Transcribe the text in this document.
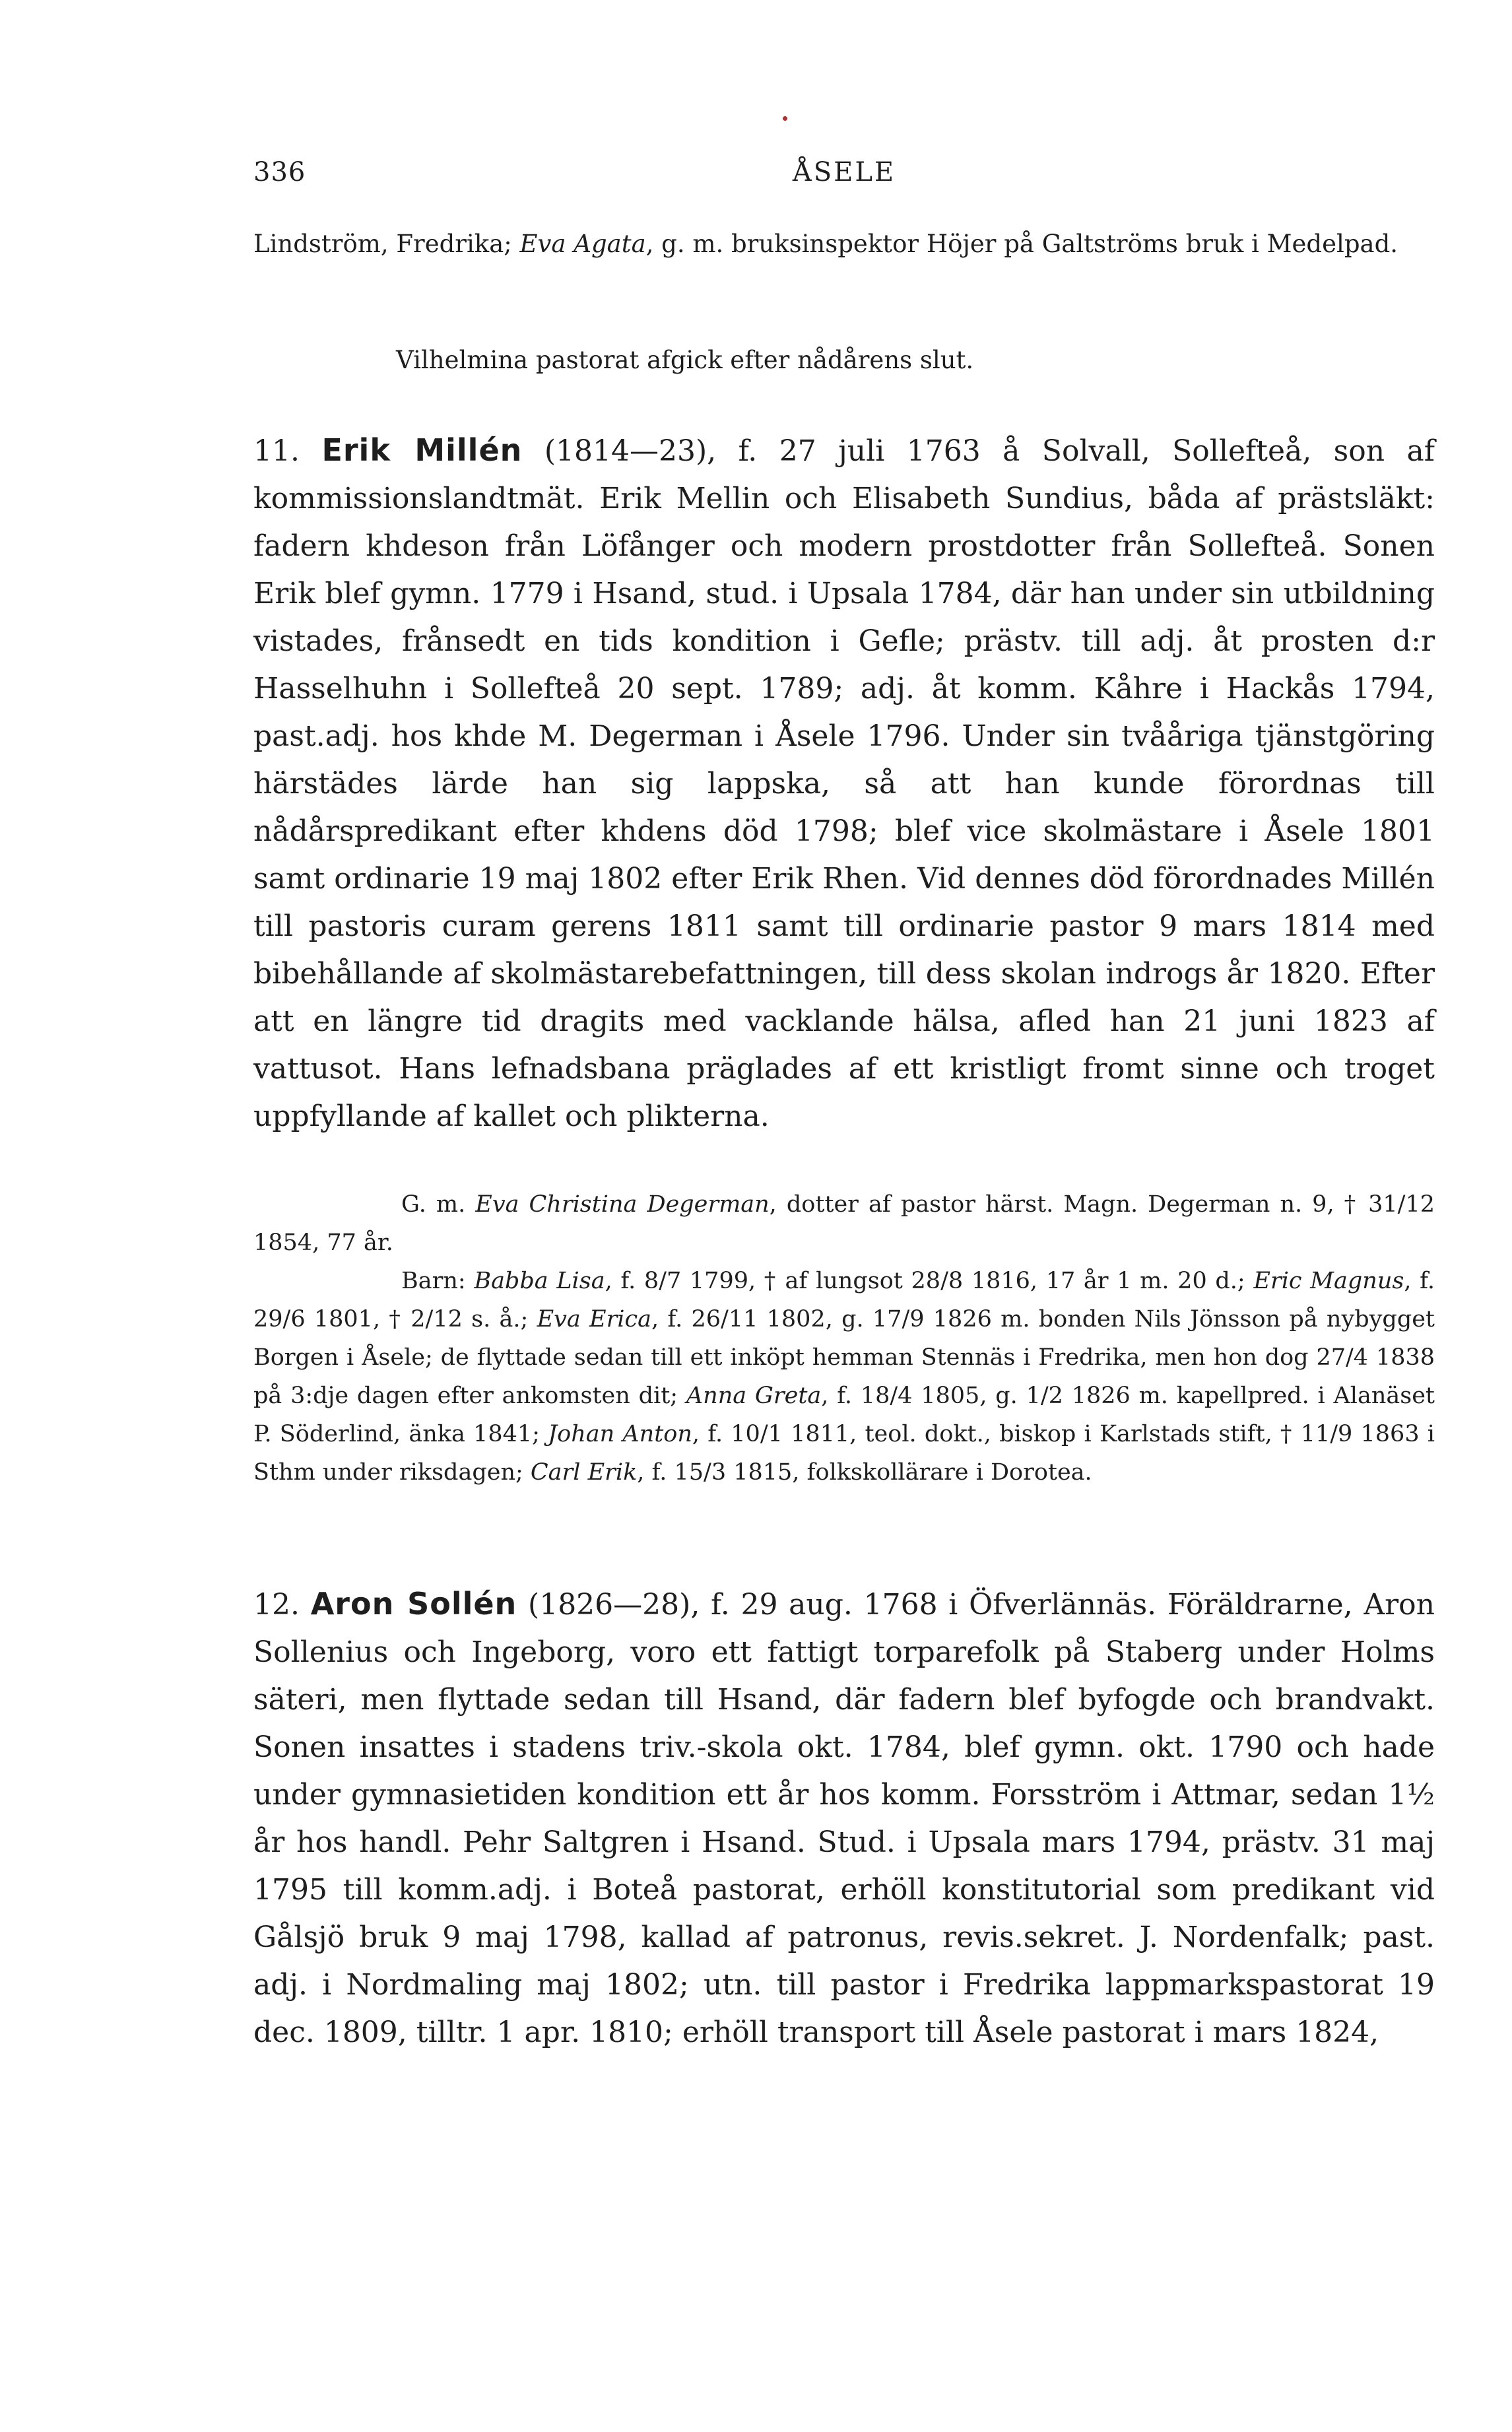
336	ÅSELE

Lindström, Fredrika; Eva Agata, g. m. bruksinspektor Höjer på Galtströms bruk i Medelpad.

Vilhelmina pastorat afgick efter nådårens slut.

11. Erik Millén (1814—23), f. 27 juli 1763 å Solvall, Sollefteå, son af kommissionslandtmät. Erik Mellin och Elisabeth Sundius, båda af prästsläkt: fadern khdeson från Löfånger och modern prostdotter från Sollefteå. Sonen Erik blef gymn. 1779 i Hsand, stud. i Upsala 1784, där han under sin utbildning vistades, frånsedt en tids kondition i Gefle; prästv. till adj. åt prosten d:r Hasselhuhn i Sollefteå 20 sept. 1789; adj. åt komm. Kåhre i Hackås 1794, past.adj. hos khde M. Degerman i Åsele 1796. Under sin tvååriga tjänstgöring härstädes lärde han sig lappska, så att han kunde förordnas till nådårspredikant efter khdens död 1798; blef vice skolmästare i Åsele 1801 samt ordinarie 19 maj 1802 efter Erik Rhen. Vid dennes död förordnades Millén till pastoris curam gerens 1811 samt till ordinarie pastor 9 mars 1814 med bibehållande af skolmästarebefattningen, till dess skolan indrogs år 1820. Efter att en längre tid dragits med vacklande hälsa, afled han 21 juni 1823 af vattusot. Hans lefnadsbana präglades af ett kristligt fromt sinne och troget uppfyllande af kallet och plikterna.

G. m. Eva Christina Degerman, dotter af pastor härst. Magn. Degerman n. 9, † 31/12 1854, 77 år.

Barn: Babba Lisa, f. 8/7 1799, † af lungsot 28/8 1816, 17 år 1 m. 20 d.; Eric Magnus, f. 29/6 1801, † 2/12 s. å.; Eva Erica, f. 26/11 1802, g. 17/9 1826 m. bonden Nils Jönsson på nybygget Borgen i Åsele; de flyttade sedan till ett inköpt hemman Stennäs i Fredrika, men hon dog 27/4 1838 på 3:dje dagen efter ankomsten dit; Anna Greta, f. 18/4 1805, g. 1/2 1826 m. kapellpred. i Alanäset P. Söderlind, änka 1841; Johan Anton, f. 10/1 1811, teol. dokt., biskop i Karlstads stift, † 11/9 1863 i Sthm under riksdagen; Carl Erik, f. 15/3 1815, folkskollärare i Dorotea.

12. Aron Sollén (1826—28), f. 29 aug. 1768 i Öfverlännäs. Föräldrarne, Aron Sollenius och Ingeborg, voro ett fattigt torparefolk på Staberg under Holms säteri, men flyttade sedan till Hsand, där fadern blef byfogde och brandvakt. Sonen insattes i stadens triv.-skola okt. 1784, blef gymn. okt. 1790 och hade under gymnasietiden kondition ett år hos komm. Forsström i Attmar, sedan 1½ år hos handl. Pehr Saltgren i Hsand. Stud. i Upsala mars 1794, prästv. 31 maj 1795 till komm.adj. i Boteå pastorat, erhöll konstitutorial som predikant vid Gålsjö bruk 9 maj 1798, kallad af patronus, revis.sekret. J. Nordenfalk; past. adj. i Nordmaling maj 1802; utn. till pastor i Fredrika lappmarkspastorat 19 dec. 1809, tilltr. 1 apr. 1810; erhöll transport till Åsele pastorat i mars 1824,
